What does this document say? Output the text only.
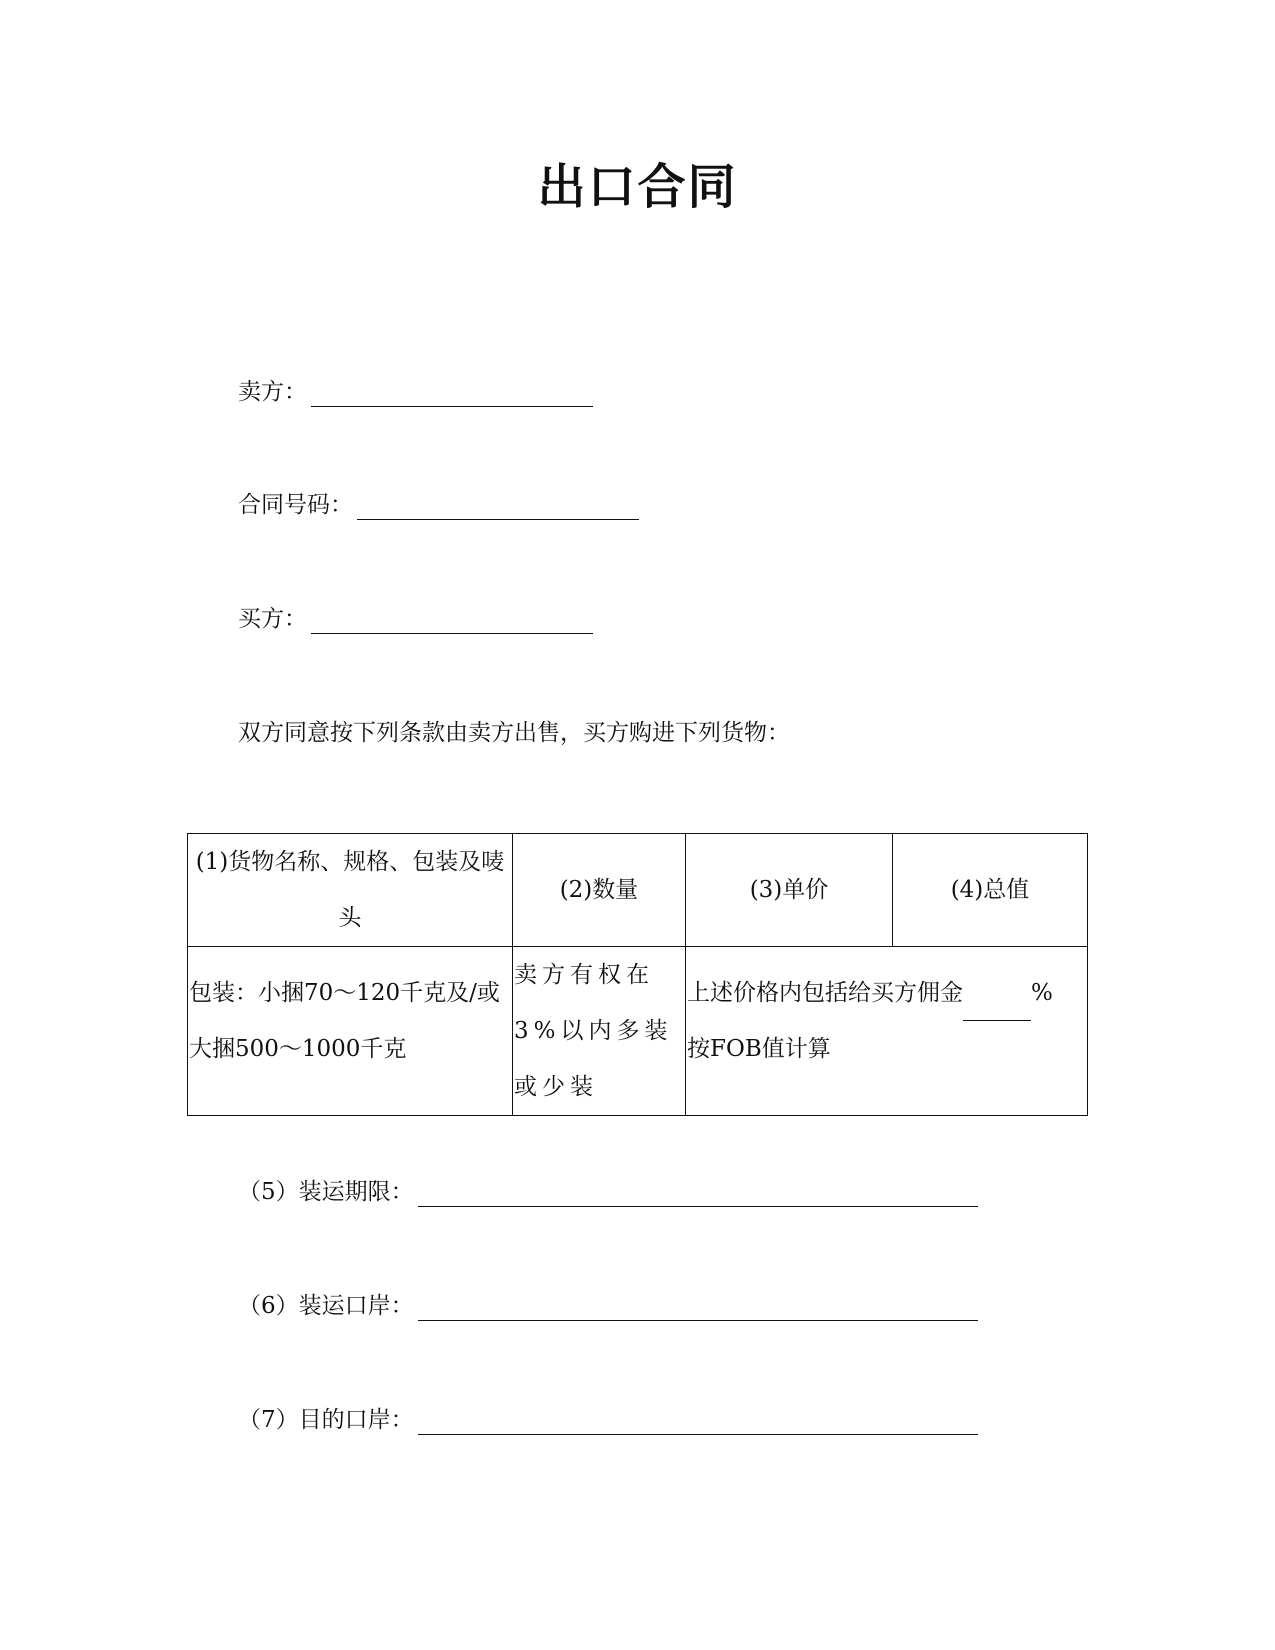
出口合同
卖方：
合同号码：
买方：
双方同意按下列条款由卖方出售，买方购进下列货物：
(1)货物名称、规格、包装及唛头	(2)数量	(3)单价	(4)总值
包装：小捆70～120千克及/或大捆500～1000千克	卖方有权在3%以内多装或少装	上述价格内包括给买方佣金 %
按FOB值计算	
（5）装运期限：
（6）装运口岸：
（7）目的口岸：
